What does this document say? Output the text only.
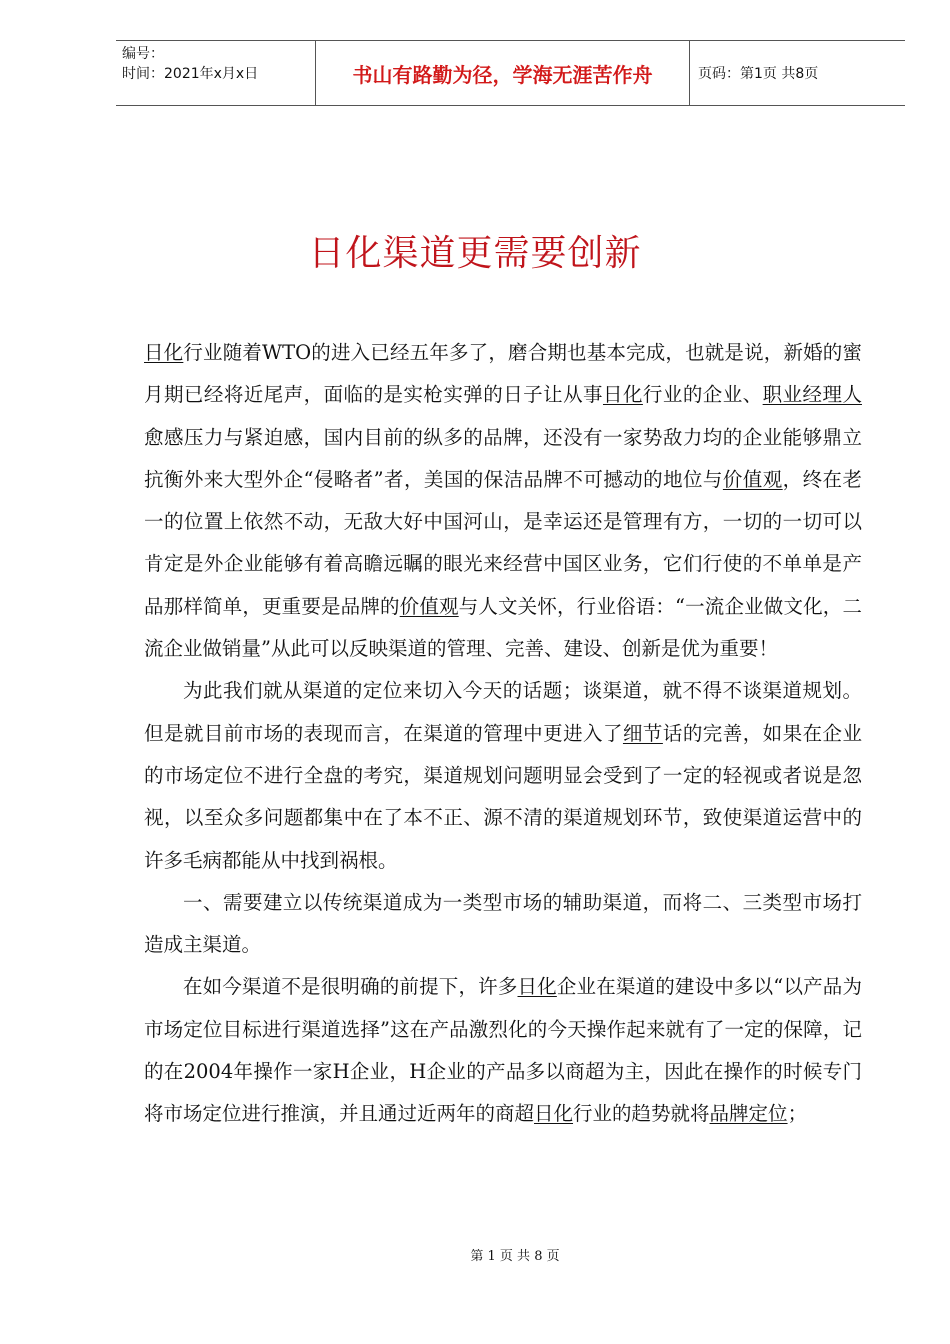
编号：
时间：2021年x月x日	书山有路勤为径，学海无涯苦作舟	页码：第1页 共8页
日化渠道更需要创新

日化行业随着WTO的进入已经五年多了，磨合期也基本完成，也就是说，新婚的蜜月期已经将近尾声，面临的是实枪实弹的日子让从事日化行业的企业、职业经理人愈感压力与紧迫感，国内目前的纵多的品牌，还没有一家势敌力均的企业能够鼎立抗衡外来大型外企“侵略者”者，美国的保洁品牌不可撼动的地位与价值观，终在老一的位置上依然不动，无敌大好中国河山，是幸运还是管理有方，一切的一切可以肯定是外企业能够有着高瞻远瞩的眼光来经营中国区业务，它们行使的不单单是产品那样简单，更重要是品牌的价值观与人文关怀，行业俗语：“一流企业做文化，二流企业做销量”从此可以反映渠道的管理、完善、建设、创新是优为重要！

为此我们就从渠道的定位来切入今天的话题；谈渠道，就不得不谈渠道规划。但是就目前市场的表现而言，在渠道的管理中更进入了细节话的完善，如果在企业的市场定位不进行全盘的考究，渠道规划问题明显会受到了一定的轻视或者说是忽视，以至众多问题都集中在了本不正、源不清的渠道规划环节，致使渠道运营中的许多毛病都能从中找到祸根。

一、需要建立以传统渠道成为一类型市场的辅助渠道，而将二、三类型市场打造成主渠道。

在如今渠道不是很明确的前提下，许多日化企业在渠道的建设中多以“以产品为市场定位目标进行渠道选择”这在产品激烈化的今天操作起来就有了一定的保障，记的在2004年操作一家H企业，H企业的产品多以商超为主，因此在操作的时候专门将市场定位进行推演，并且通过近两年的商超日化行业的趋势就将品牌定位；

第 1 页 共 8 页
